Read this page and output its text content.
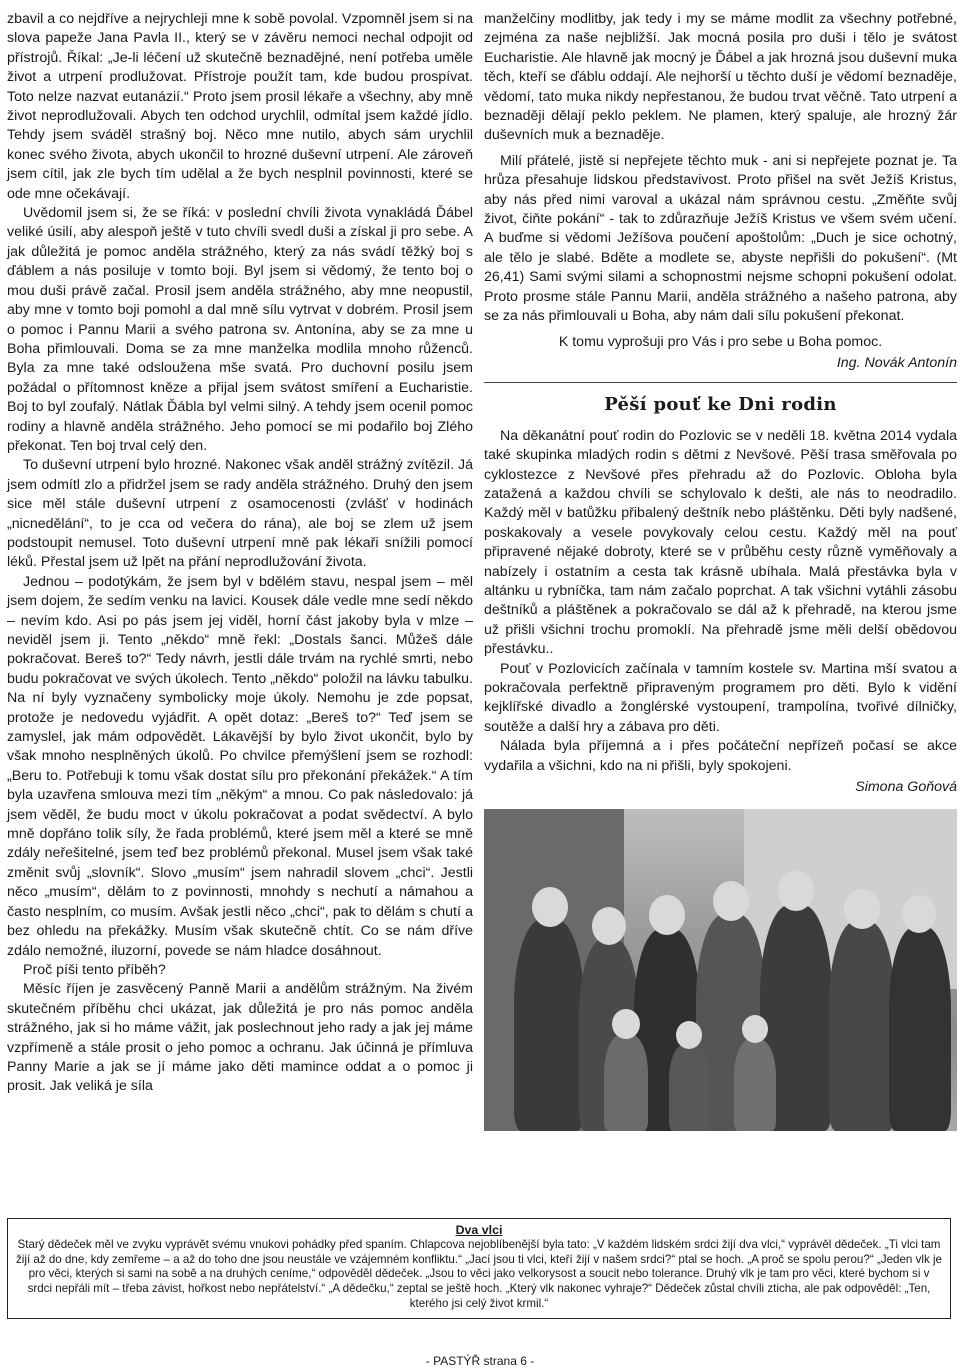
zbavil a co nejdříve a nejrychleji mne k sobě povolal. Vzpomněl jsem si na slova papeže Jana Pavla II., který se v závěru nemoci nechal odpojit od přístrojů. Říkal: „Je-li léčení už skutečně beznadějné, není potřeba uměle život a utrpení prodlužovat. Přístroje použít tam, kde budou prospívat. Toto nelze nazvat eutanázií.“ Proto jsem prosil lékaře a všechny, aby mně život neprodlužovali. Abych ten odchod urychlil, odmítal jsem každé jídlo. Tehdy jsem sváděl strašný boj. Něco mne nutilo, abych sám urychlil konec svého života, abych ukončil to hrozné duševní utrpení. Ale zároveň jsem cítil, jak zle bych tím udělal a že bych nesplnil povinnosti, které se ode mne očekávají.

Uvědomil jsem si, že se říká: v poslední chvíli života vynakládá Ďábel veliké úsilí, aby alespoň ještě v tuto chvíli svedl duši a získal ji pro sebe. A jak důležitá je pomoc anděla strážného, který za nás svádí těžký boj s ďáblem a nás posiluje v tomto boji. Byl jsem si vědomý, že tento boj o mou duši právě začal. Prosil jsem anděla strážného, aby mne neopustil, aby mne v tomto boji pomohl a dal mně sílu vytrvat v dobrém. Prosil jsem o pomoc i Pannu Marii a svého patrona sv. Antonína, aby se za mne u Boha přimlouvali. Doma se za mne manželka modlila mnoho růženců. Byla za mne také odsloužena mše svatá. Pro duchovní posilu jsem požádal o přítomnost kněze a přijal jsem svátost smíření a Eucharistie. Boj to byl zoufalý. Nátlak Ďábla byl velmi silný. A tehdy jsem ocenil pomoc rodiny a hlavně anděla strážného. Jeho pomocí se mi podařilo boj Zlého překonat. Ten boj trval celý den.

To duševní utrpení bylo hrozné. Nakonec však anděl strážný zvítězil. Já jsem odmítl zlo a přidržel jsem se rady anděla strážného. Druhý den jsem sice měl stále duševní utrpení z osamocenosti (zvlášť v hodinách „nicnedělání“, to je cca od večera do rána), ale boj se zlem už jsem podstoupit nemusel. Toto duševní utrpení mně pak lékaři snížili pomocí léků. Přestal jsem už lpět na přání neprodlužování života.

Jednou – podotýkám, že jsem byl v bdělém stavu, nespal jsem – měl jsem dojem, že sedím venku na lavici. Kousek dále vedle mne sedí někdo – nevím kdo. Asi po pás jsem jej viděl, horní část jakoby byla v mlze – neviděl jsem ji. Tento „někdo“ mně řekl: „Dostals šanci. Můžeš dále pokračovat. Bereš to?“ Tedy návrh, jestli dále trvám na rychlé smrti, nebo budu pokračovat ve svých úkolech. Tento „někdo“ položil na lávku tabulku. Na ní byly vyznačeny symbolicky moje úkoly. Nemohu je zde popsat, protože je nedovedu vyjádřit. A opět dotaz: „Bereš to?“ Teď jsem se zamyslel, jak mám odpovědět. Lákavější by bylo život ukončit, bylo by však mnoho nesplněných úkolů. Po chvilce přemýšlení jsem se rozhodl: „Beru to. Potřebuji k tomu však dostat sílu pro překonání překážek.“ A tím byla uzavřena smlouva mezi tím „někým“ a mnou. Co pak následovalo: já jsem věděl, že budu moct v úkolu pokračovat a podat svědectví. A bylo mně dopřáno tolik síly, že řada problémů, které jsem měl a které se mně zdály neřešitelné, jsem teď bez problémů překonal. Musel jsem však také změnit svůj „slovník“. Slovo „musím“ jsem nahradil slovem „chci“. Jestli něco „musím“, dělám to z povinnosti, mnohdy s nechutí a námahou a často nesplním, co musím. Avšak jestli něco „chci“, pak to dělám s chutí a bez ohledu na překážky. Musím však skutečně chtít. Co se nám dříve zdálo nemožné, iluzorní, povede se nám hladce dosáhnout.

Proč píši tento příběh?

Měsíc říjen je zasvěcený Panně Marii a andělům strážným. Na živém skutečném příběhu chci ukázat, jak důležitá je pro nás pomoc anděla strážného, jak si ho máme vážit, jak poslechnout jeho rady a jak jej máme vzpřímeně a stále prosit o jeho pomoc a ochranu. Jak účinná je přímluva Panny Marie a jak se jí máme jako děti mamince oddat a o pomoc ji prosit. Jak veliká je síla

manželčiny modlitby, jak tedy i my se máme modlit za všechny potřebné, zejména za naše nejbližší. Jak mocná posila pro duši i tělo je svátost Eucharistie. Ale hlavně jak mocný je Ďábel a jak hrozná jsou duševní muka těch, kteří se ďáblu oddají. Ale nejhorší u těchto duší je vědomí beznaděje, vědomí, tato muka nikdy nepřestanou, že budou trvat věčně. Tato utrpení a beznaději dělají peklo peklem. Ne plamen, který spaluje, ale hrozný žár duševních muk a beznaděje.

Milí přátelé, jistě si nepřejete těchto muk - ani si nepřejete poznat je. Ta hrůza přesahuje lidskou představivost. Proto přišel na svět Ježíš Kristus, aby nás před nimi varoval a ukázal nám správnou cestu. „Změňte svůj život, čiňte pokání“ - tak to zdůrazňuje Ježíš Kristus ve všem svém učení. A buďme si vědomi Ježíšova poučení apoštolům: „Duch je sice ochotný, ale tělo je slabé. Bděte a modlete se, abyste nepřišli do pokušení“. (Mt 26,41) Sami svými silami a schopnostmi nejsme schopni pokušení odolat. Proto prosme stále Pannu Marii, anděla strážného a našeho patrona, aby se za nás přimlouvali u Boha, aby nám dali sílu pokušení překonat.

K tomu vyprošuji pro Vás i pro sebe u Boha pomoc.

Ing. Novák Antonín

Pěší pouť ke Dni rodin

Na děkanátní pouť rodin do Pozlovic se v neděli 18. května 2014 vydala také skupinka mladých rodin s dětmi z Nevšové. Pěší trasa směřovala po cyklostezce z Nevšové přes přehradu až do Pozlovic. Obloha byla zatažená a každou chvíli se schylovalo k dešti, ale nás to neodradilo. Každý měl v batůžku přibalený deštník nebo pláštěnku. Děti byly nadšené, poskakovaly a vesele povykovaly celou cestu. Každý měl na pouť připravené nějaké dobroty, které se v průběhu cesty různě vyměňovaly a nabízely i ostatním a cesta tak krásně ubíhala. Malá přestávka byla v altánku u rybníčka, tam nám začalo poprchat. A tak všichni vytáhli zásobu deštníků a pláštěnek a pokračovalo se dál až k přehradě, na kterou jsme už přišli všichni trochu promoklí. Na přehradě jsme měli delší obědovou přestávku..

Pouť v Pozlovicích začínala v tamním kostele sv. Martina mší svatou a pokračovala perfektně připraveným programem pro děti. Bylo k vidění kejklířské divadlo a žonglérské vystoupení, trampolína, tvořivé dílničky, soutěže a další hry a zábava pro děti.

Nálada byla příjemná a i přes počáteční nepřízeň počasí se akce vydařila a všichni, kdo na ni přišli, byly spokojeni.

Simona Goňová

Dva vlci
Starý dědeček měl ve zvyku vyprávět svému vnukovi pohádky před spaním. Chlapcova nejoblíbenější byla tato: „V každém lidském srdci žijí dva vlci,“ vyprávěl dědeček. „Ti vlci tam žijí až do dne, kdy zemřeme – a až do toho dne jsou neustále ve vzájemném konfliktu.“ „Jací jsou ti vlci, kteří žijí v našem srdci?“ ptal se hoch. „A proč se spolu perou?“ „Jeden vlk je pro věci, kterých si sami na sobě a na druhých ceníme,“ odpověděl dědeček. „Jsou to věci jako velkorysost a soucit nebo tolerance. Druhý vlk je tam pro věci, které bychom si v srdci nepřáli mít – třeba závist, hořkost nebo nepřátelství.“ „A dědečku,“ zeptal se ještě hoch. „Který vlk nakonec vyhraje?“ Dědeček zůstal chvíli zticha, ale pak odpověděl: „Ten, kterého jsi celý život krmil.“
- PASTÝŘ strana 6 -
